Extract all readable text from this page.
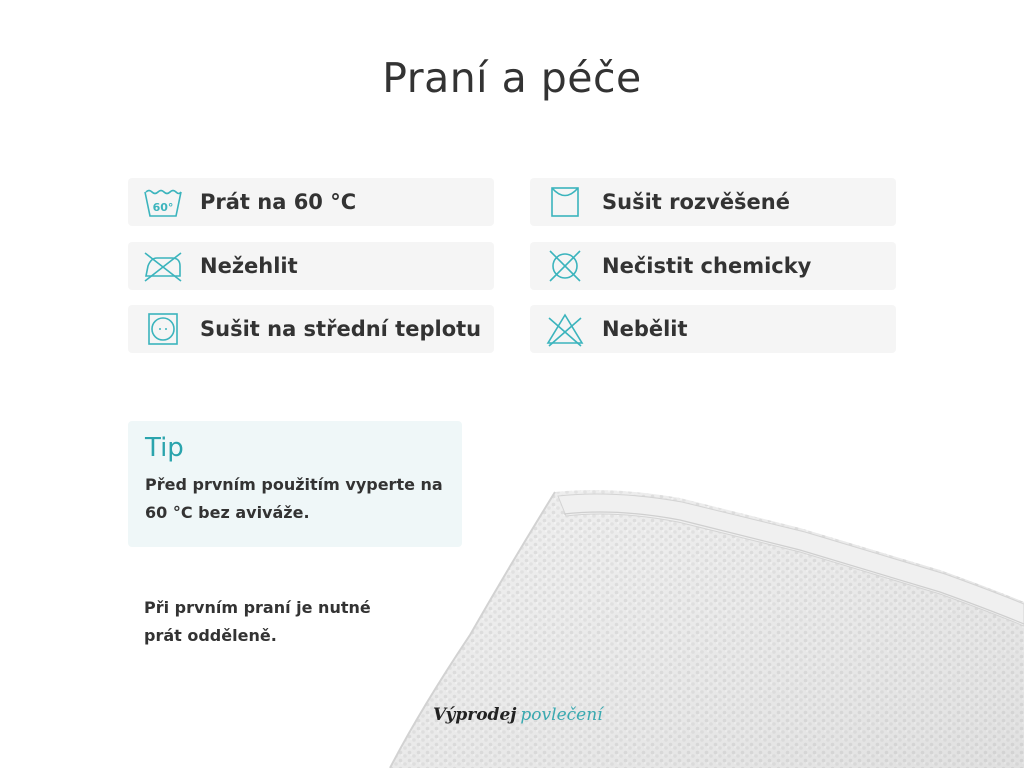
Praní a péče
60° Prát na 60 °C	Sušit rozvěšené
Nežehlit	Nečistit chemicky
Sušit na střední teplotu	Nebělit
Tip
Před prvním použitím vyperte na 60 °C bez aviváže.
Při prvním praní je nutné prát odděleně.
Výprodej povlečení
